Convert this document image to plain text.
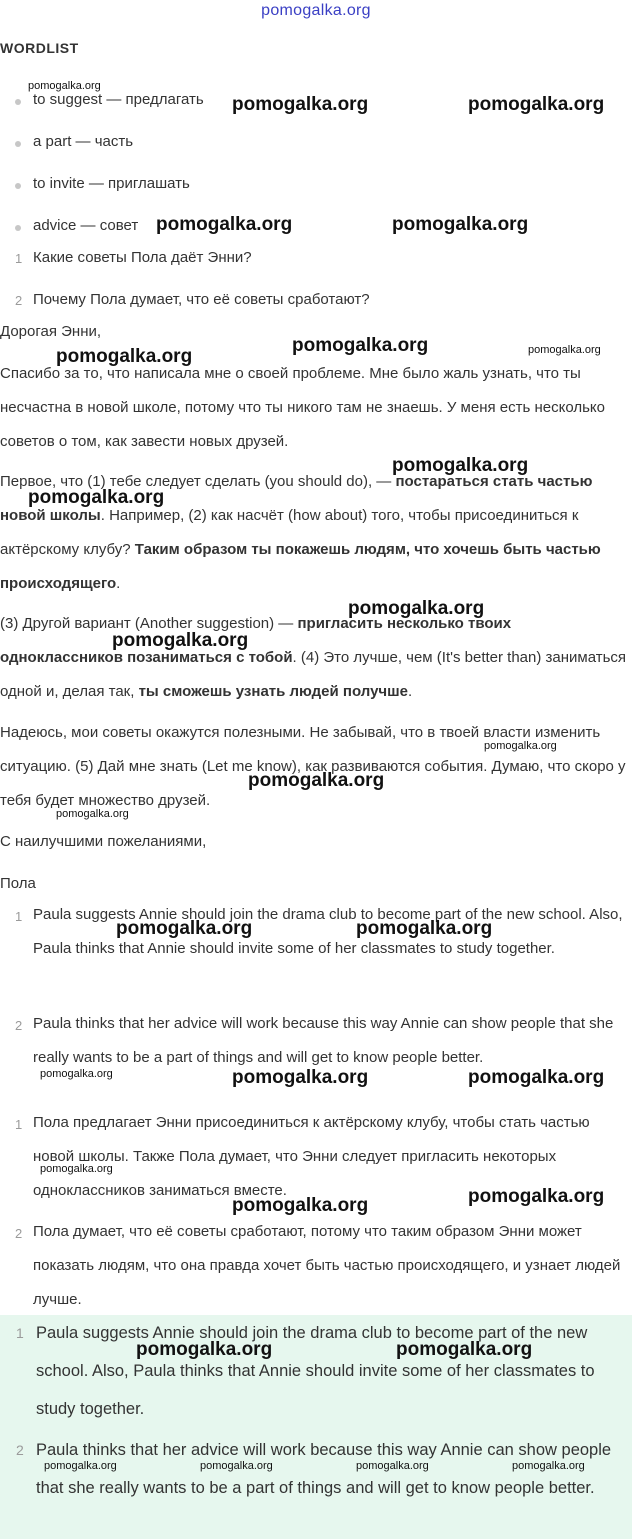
pomogalka.org
WORDLIST
to suggest — предлагать
a part — часть
to invite — приглашать
advice — совет
1 Какие советы Пола даёт Энни?
2 Почему Пола думает, что её советы сработают?
Дорогая Энни,
Спасибо за то, что написала мне о своей проблеме. Мне было жаль узнать, что ты несчастна в новой школе, потому что ты никого там не знаешь. У меня есть несколько советов о том, как завести новых друзей.
Первое, что (1) тебе следует сделать (you should do), — постараться стать частью новой школы. Например, (2) как насчёт (how about) того, чтобы присоединиться к актёрскому клубу? Таким образом ты покажешь людям, что хочешь быть частью происходящего.
(3) Другой вариант (Another suggestion) — пригласить несколько твоих одноклассников позаниматься с тобой. (4) Это лучше, чем (It's better than) заниматься одной и, делая так, ты сможешь узнать людей получше.
Надеюсь, мои советы окажутся полезными. Не забывай, что в твоей власти изменить ситуацию. (5) Дай мне знать (Let me know), как развиваются события. Думаю, что скоро у тебя будет множество друзей.
С наилучшими пожеланиями,
Пола
1 Paula suggests Annie should join the drama club to become part of the new school. Also, Paula thinks that Annie should invite some of her classmates to study together.
2 Paula thinks that her advice will work because this way Annie can show people that she really wants to be a part of things and will get to know people better.
1 Пола предлагает Энни присоединиться к актёрскому клубу, чтобы стать частью новой школы. Также Пола думает, что Энни следует пригласить некоторых одноклассников заниматься вместе.
2 Пола думает, что её советы сработают, потому что таким образом Энни может показать людям, что она правда хочет быть частью происходящего, и узнает людей лучше.
1 Paula suggests Annie should join the drama club to become part of the new school. Also, Paula thinks that Annie should invite some of her classmates to study together.
2 Paula thinks that her advice will work because this way Annie can show people that she really wants to be a part of things and will get to know people better.
pomogalka.org
pomogalka.org	pomogalka.org
pomogalka.org	pomogalka.org
pomogalka.org	pomogalka.org
pomogalka.org
pomogalka.org
pomogalka.org
pomogalka.org
pomogalka.org
pomogalka.org
pomogalka.org
pomogalka.org
pomogalka.org	pomogalka.org
pomogalka.org	pomogalka.org	pomogalka.org
pomogalka.org
pomogalka.org
pomogalka.org
pomogalka.org	pomogalka.org
pomogalka.org	pomogalka.org	pomogalka.org	pomogalka.org
